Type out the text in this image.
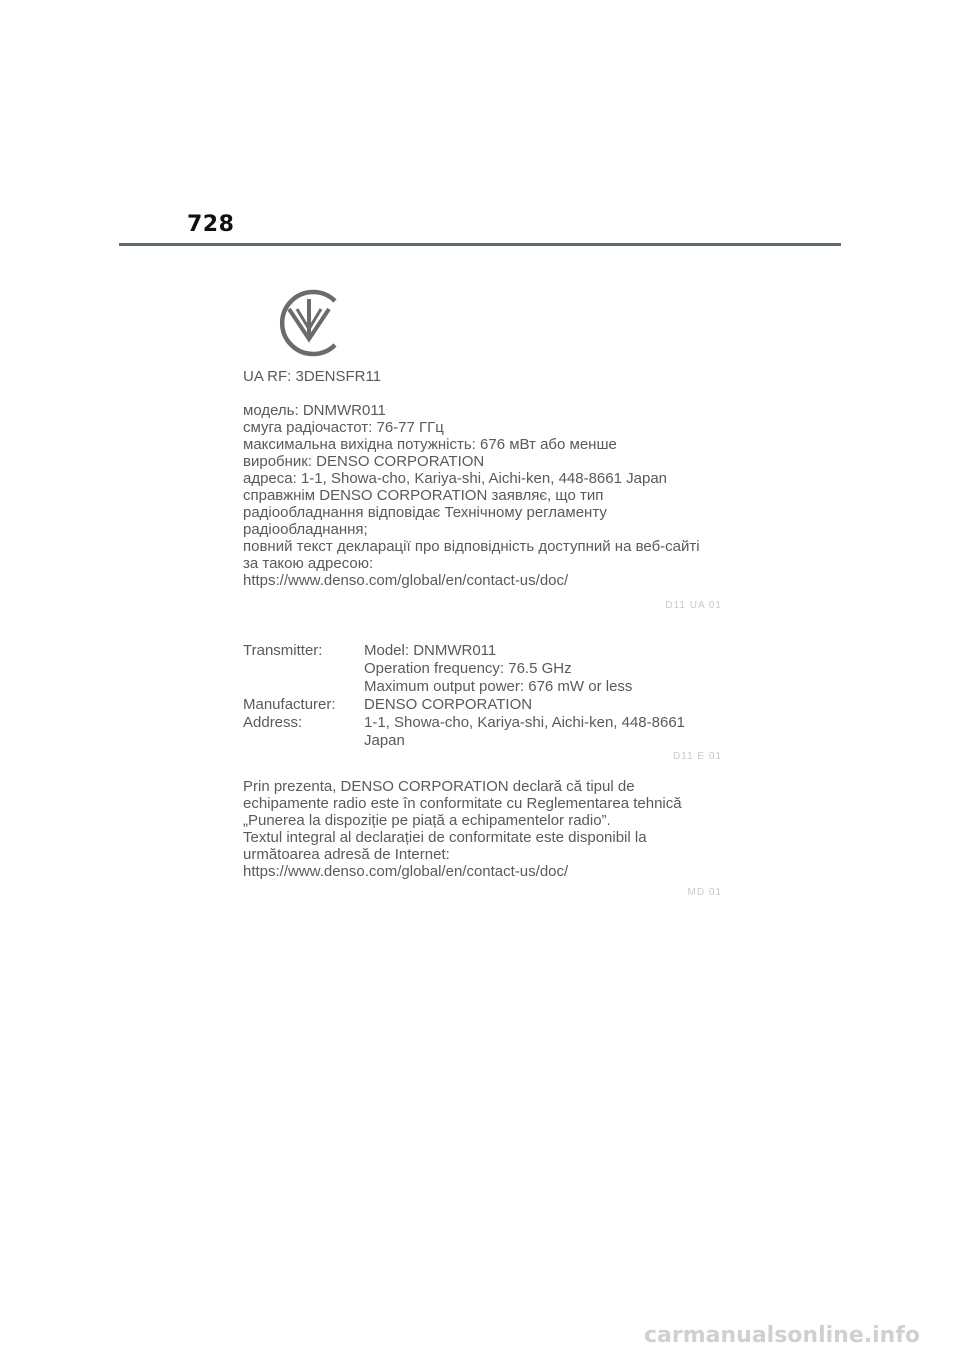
728
UA RF: 3DENSFR11

модель: DNMWR011

смуга радіочастот: 76-77 ГГц

максимальна вихідна потужність: 676 мВт або менше

виробник: DENSO CORPORATION

адреса: 1-1, Showa-cho, Kariya-shi, Aichi-ken, 448-8661 Japan

справжнім DENSO CORPORATION заявляє, що тип

радіообладнання відповідає Технічному регламенту

радіообладнання;

повний текст декларації про відповідність доступний на веб-сайті

за такою адресою:

https://www.denso.com/global/en/contact-us/doc/

D11 UA 01
Transmitter:	Model: DNMWR011
Operation frequency: 76.5 GHz
Maximum output power: 676 mW or less
Manufacturer:	DENSO CORPORATION
Address:	1-1, Showa-cho, Kariya-shi, Aichi-ken, 448-8661
Japan
D11 E 01

Prin prezenta, DENSO CORPORATION declară că tipul de

echipamente radio este în conformitate cu Reglementarea tehnică

„Punerea la dispoziție pe piață a echipamentelor radio”.

Textul integral al declarației de conformitate este disponibil la

următoarea adresă de Internet:

https://www.denso.com/global/en/contact-us/doc/

MD 01
carmanualsonline.info
